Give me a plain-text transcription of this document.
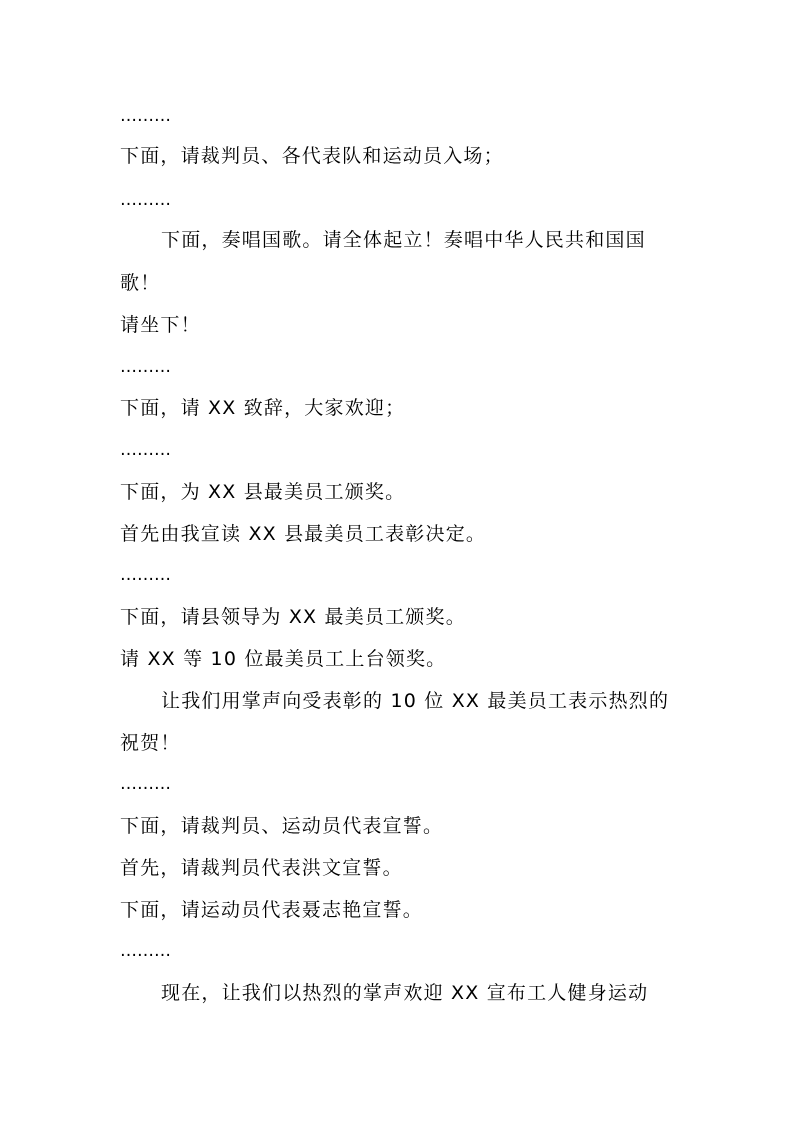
………
下面，请裁判员、各代表队和运动员入场；
………
下面，奏唱国歌。请全体起立！奏唱中华人民共和国国
歌！
请坐下！
………
下面，请 XX 致辞，大家欢迎；
………
下面，为 XX 县最美员工颁奖。
首先由我宣读 XX 县最美员工表彰决定。
………
下面，请县领导为 XX 最美员工颁奖。
请 XX 等 10 位最美员工上台领奖。
让我们用掌声向受表彰的 10 位 XX 最美员工表示热烈的
祝贺！
………
下面，请裁判员、运动员代表宣誓。
首先，请裁判员代表洪文宣誓。
下面，请运动员代表聂志艳宣誓。
………
现在，让我们以热烈的掌声欢迎 XX 宣布工人健身运动
